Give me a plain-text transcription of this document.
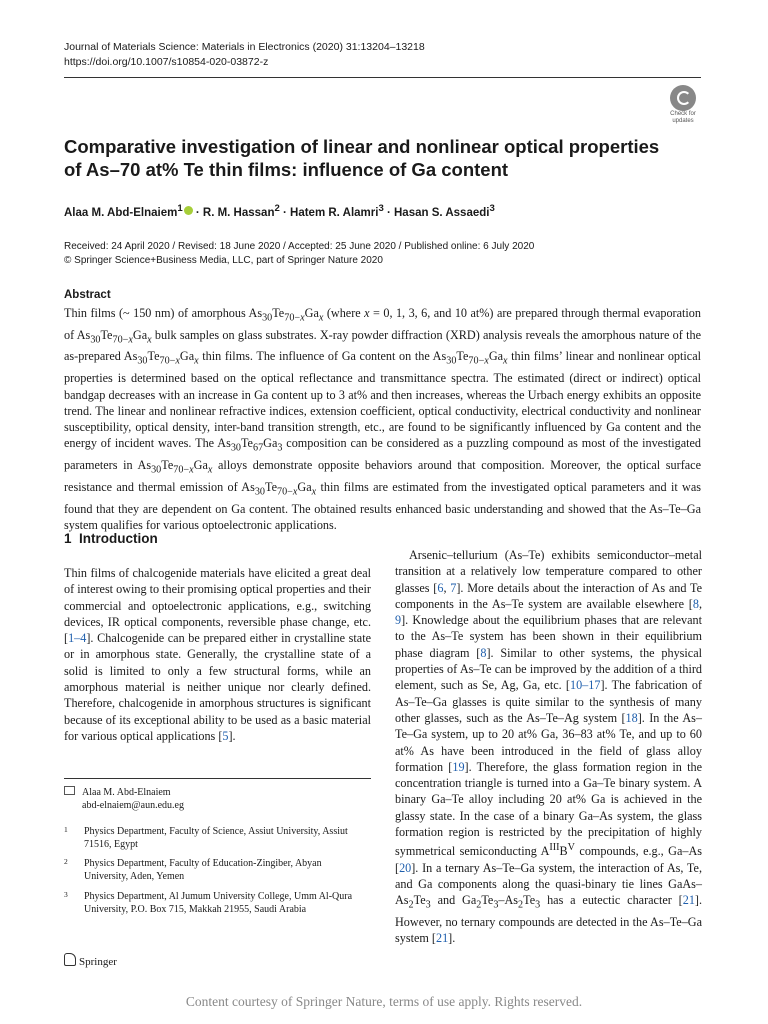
Journal of Materials Science: Materials in Electronics (2020) 31:13204–13218
https://doi.org/10.1007/s10854-020-03872-z
Check for updates
Comparative investigation of linear and nonlinear optical properties of As–70 at% Te thin films: influence of Ga content
Alaa M. Abd-Elnaiem$^1$ · R. M. Hassan$^2$ · Hatem R. Alamri$^3$ · Hasan S. Assaedi$^3$
Received: 24 April 2020 / Revised: 18 June 2020 / Accepted: 25 June 2020 / Published online: 6 July 2020
© Springer Science+Business Media, LLC, part of Springer Nature 2020
Abstract
Thin films (~ 150 nm) of amorphous $As_{30}Te_{70-x}Ga_x$ (where x = 0, 1, 3, 6, and 10 at%) are prepared through thermal evaporation of $As_{30}Te_{70-x}Ga_x$ bulk samples on glass substrates. X-ray powder diffraction (XRD) analysis reveals the amorphous nature of the as-prepared $As_{30}Te_{70-x}Ga_x$ thin films. The influence of Ga content on the $As_{30}Te_{70-x}Ga_x$ thin films’ linear and nonlinear optical properties is determined based on the optical reflectance and transmittance spectra. The estimated (direct or indirect) optical bandgap decreases with an increase in Ga content up to 3 at% and then increases, whereas the Urbach energy exhibits an opposite trend. The linear and nonlinear refractive indices, extension coefficient, optical conductivity, electrical conductivity and nonlinear susceptibility, optical density, inter-band transition strength, etc., are found to be significantly influenced by Ga content and the energy of incident waves. The $As_{30}Te_{67}Ga_3$ composition can be considered as a puzzling compound as most of the investigated parameters in $As_{30}Te_{70-x}Ga_x$ alloys demonstrate opposite behaviors around that composition. Moreover, the optical surface resistance and thermal emission of $As_{30}Te_{70-x}Ga_x$ thin films are estimated from the investigated optical parameters and it was found that they are dependent on Ga content. The obtained results enhanced basic understanding and showed that the As–Te–Ga system qualifies for various optoelectronic applications.
1 Introduction
Thin films of chalcogenide materials have elicited a great deal of interest owing to their promising optical properties and their commercial and optoelectronic applications, e.g., switching devices, IR optical components, reversible phase change, etc. [1–4]. Chalcogenide can be prepared either in crystalline state or in amorphous state. Generally, the crystalline state of a solid is limited to only a few structural forms, while an amorphous material is neither unique nor clearly defined. Therefore, chalcogenide in amorphous structures is significant because of its exceptional ability to be used as a basic material for various optical applications [5].
Arsenic–tellurium (As–Te) exhibits semiconductor–metal transition at a relatively low temperature compared to other glasses [6, 7]. More details about the interaction of As and Te components in the As–Te system are available elsewhere [8, 9]. Knowledge about the equilibrium phases that are relevant to the As–Te system has been shown in their equilibrium phase diagram [8]. Similar to other systems, the physical properties of As–Te can be improved by the addition of a third element, such as Se, Ag, Ga, etc. [10–17]. The fabrication of As–Te–Ga glasses is quite similar to the synthesis of many other glasses, such as the As–Te–Ag system [18]. In the As–Te–Ga system, up to 20 at% Ga, 36–83 at% Te, and up to 60 at% As have been introduced in the field of glass alloy formation [19]. Therefore, the glass formation region in the concentration triangle is turned into a Ga–Te binary system. A binary Ga–Te alloy including 20 at% Ga is achieved in the glassy state. In the case of a binary Ga–As system, the glass formation region is restricted by the precipitation of highly symmetrical semiconducting $A^{III}B^V$ compounds, e.g., Ga–As [20]. In a ternary As–Te–Ga system, the interaction of As, Te, and Ga components along the quasi-binary tie lines GaAs–$As_2Te_3$ and $Ga_2Te_3-As_2Te_3$ has a eutectic character [21]. However, no ternary compounds are detected in the As–Te–Ga system [21].
Alaa M. Abd-Elnaiem
abd-elnaiem@aun.edu.eg
1 Physics Department, Faculty of Science, Assiut University, Assiut 71516, Egypt
2 Physics Department, Faculty of Education-Zingiber, Abyan University, Aden, Yemen
3 Physics Department, Al Jumum University College, Umm Al-Qura University, P.O. Box 715, Makkah 21955, Saudi Arabia
Springer
Content courtesy of Springer Nature, terms of use apply. Rights reserved.
